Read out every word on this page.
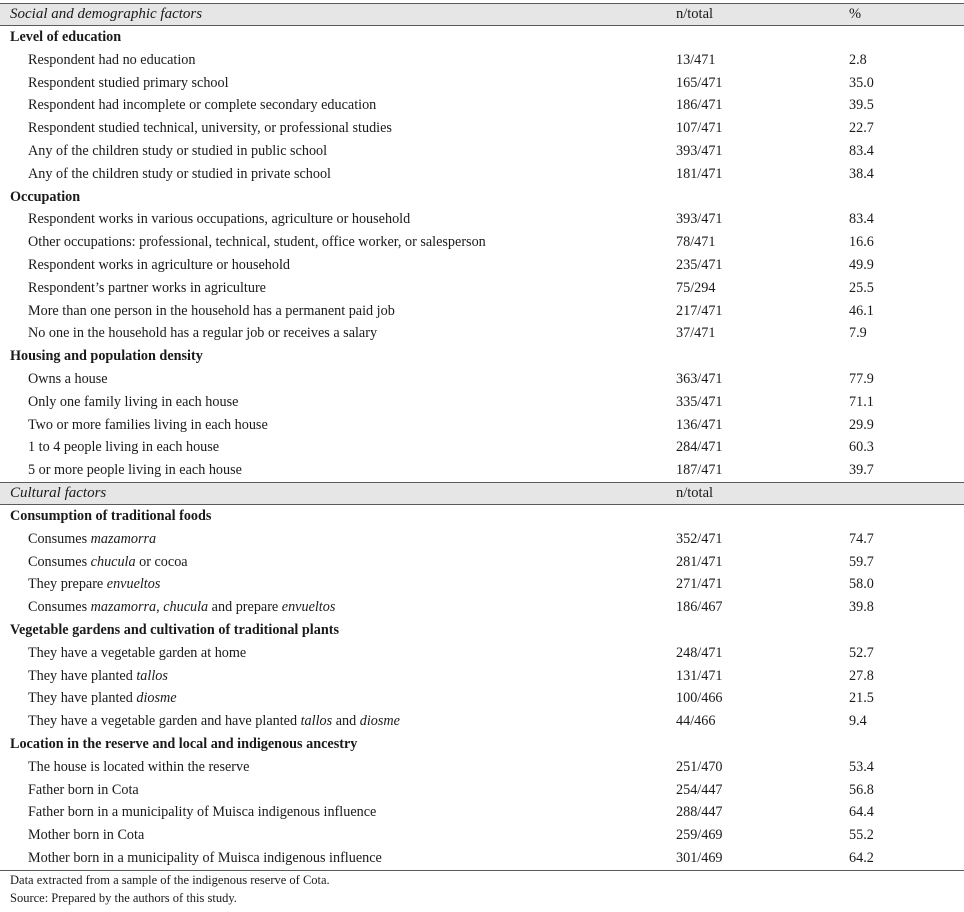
Social and demographic factors	n/total	%
Level of education
Respondent had no education	13/471	2.8
Respondent studied primary school	165/471	35.0
Respondent had incomplete or complete secondary education	186/471	39.5
Respondent studied technical, university, or professional studies	107/471	22.7
Any of the children study or studied in public school	393/471	83.4
Any of the children study or studied in private school	181/471	38.4
Occupation
Respondent works in various occupations, agriculture or household	393/471	83.4
Other occupations: professional, technical, student, office worker, or salesperson	78/471	16.6
Respondent works in agriculture or household	235/471	49.9
Respondent’s partner works in agriculture	75/294	25.5
More than one person in the household has a permanent paid job	217/471	46.1
No one in the household has a regular job or receives a salary	37/471	7.9
Housing and population density
Owns a house	363/471	77.9
Only one family living in each house	335/471	71.1
Two or more families living in each house	136/471	29.9
1 to 4 people living in each house	284/471	60.3
5 or more people living in each house	187/471	39.7
Cultural factors	n/total
Consumption of traditional foods
Consumes mazamorra	352/471	74.7
Consumes chucula or cocoa	281/471	59.7
They prepare envueltos	271/471	58.0
Consumes mazamorra, chucula and prepare envueltos	186/467	39.8
Vegetable gardens and cultivation of traditional plants
They have a vegetable garden at home	248/471	52.7
They have planted tallos	131/471	27.8
They have planted diosme	100/466	21.5
They have a vegetable garden and have planted tallos and diosme	44/466	9.4
Location in the reserve and local and indigenous ancestry
The house is located within the reserve	251/470	53.4
Father born in Cota	254/447	56.8
Father born in a municipality of Muisca indigenous influence	288/447	64.4
Mother born in Cota	259/469	55.2
Mother born in a municipality of Muisca indigenous influence	301/469	64.2
Data extracted from a sample of the indigenous reserve of Cota.
Source: Prepared by the authors of this study.
